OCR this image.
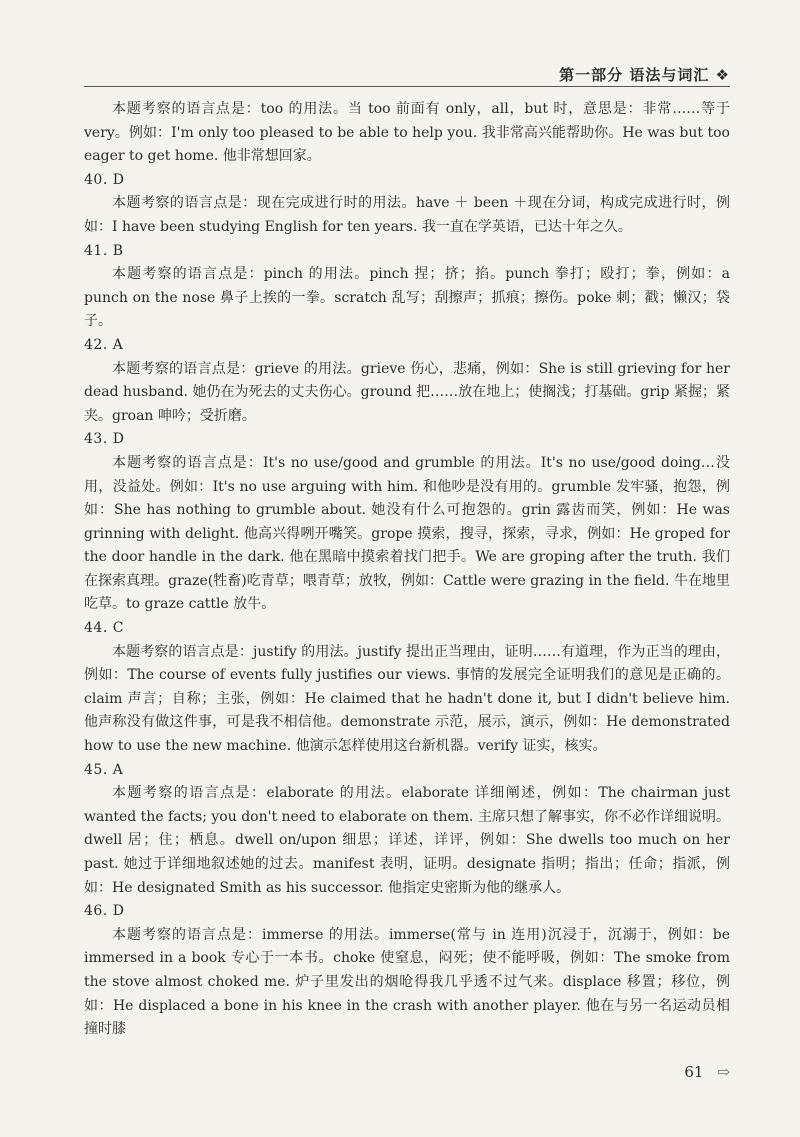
第一部分 语法与词汇 ❖

本题考察的语言点是：too 的用法。当 too 前面有 only，all，but 时，意思是：非常……等于 very。例如：I'm only too pleased to be able to help you. 我非常高兴能帮助你。He was but too eager to get home. 他非常想回家。

40. D

本题考察的语言点是：现在完成进行时的用法。have ＋ been ＋现在分词，构成完成进行时，例如：I have been studying English for ten years. 我一直在学英语，已达十年之久。

41. B

本题考察的语言点是：pinch 的用法。pinch 捏；挤；掐。punch 拳打；殴打；拳，例如：a punch on the nose 鼻子上挨的一拳。scratch 乱写；刮擦声；抓痕；擦伤。poke 刺；戳；懒汉；袋子。

42. A

本题考察的语言点是：grieve 的用法。grieve 伤心，悲痛，例如：She is still grieving for her dead husband. 她仍在为死去的丈夫伤心。ground 把……放在地上；使搁浅；打基础。grip 紧握；紧夹。groan 呻吟；受折磨。

43. D

本题考察的语言点是：It's no use/good and grumble 的用法。It's no use/good doing…没用，没益处。例如：It's no use arguing with him. 和他吵是没有用的。grumble 发牢骚，抱怨，例如：She has nothing to grumble about. 她没有什么可抱怨的。grin 露齿而笑，例如：He was grinning with delight. 他高兴得咧开嘴笑。grope 摸索，搜寻，探索，寻求，例如：He groped for the door handle in the dark. 他在黑暗中摸索着找门把手。We are groping after the truth. 我们在探索真理。graze(牲畜)吃青草；喂青草；放牧，例如：Cattle were grazing in the field. 牛在地里吃草。to graze cattle 放牛。

44. C

本题考察的语言点是：justify 的用法。justify 提出正当理由，证明……有道理，作为正当的理由，例如：The course of events fully justifies our views. 事情的发展完全证明我们的意见是正确的。claim 声言；自称；主张，例如：He claimed that he hadn't done it, but I didn't believe him. 他声称没有做这件事，可是我不相信他。demonstrate 示范，展示，演示，例如：He demonstrated how to use the new machine. 他演示怎样使用这台新机器。verify 证实，核实。

45. A

本题考察的语言点是：elaborate 的用法。elaborate 详细阐述，例如：The chairman just wanted the facts; you don't need to elaborate on them. 主席只想了解事实，你不必作详细说明。dwell 居；住；栖息。dwell on/upon 细思；详述，详评，例如：She dwells too much on her past. 她过于详细地叙述她的过去。manifest 表明，证明。designate 指明；指出；任命；指派，例如：He designated Smith as his successor. 他指定史密斯为他的继承人。

46. D

本题考察的语言点是：immerse 的用法。immerse(常与 in 连用)沉浸于，沉溺于，例如：be immersed in a book 专心于一本书。choke 使窒息，闷死；使不能呼吸，例如：The smoke from the stove almost choked me. 炉子里发出的烟呛得我几乎透不过气来。displace 移置；移位，例如：He displaced a bone in his knee in the crash with another player. 他在与另一名运动员相撞时膝

61 ⇨
